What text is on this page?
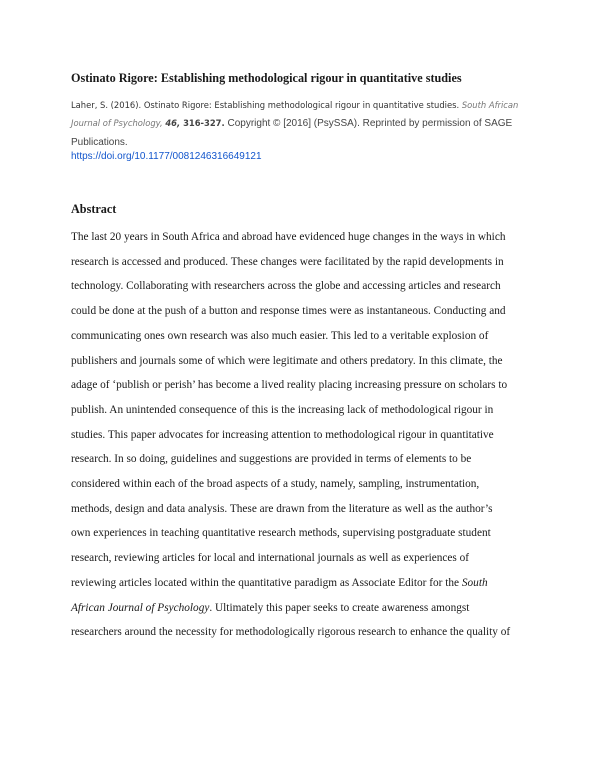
Ostinato Rigore: Establishing methodological rigour in quantitative studies
Laher, S. (2016). Ostinato Rigore: Establishing methodological rigour in quantitative studies. South African Journal of Psychology, 46, 316-327. Copyright © [2016] (PsySSA). Reprinted by permission of SAGE Publications.
https://doi.org/10.1177/0081246316649121
Abstract
The last 20 years in South Africa and abroad have evidenced huge changes in the ways in which
research is accessed and produced. These changes were facilitated by the rapid developments in
technology. Collaborating with researchers across the globe and accessing articles and research
could be done at the push of a button and response times were as instantaneous. Conducting and
communicating ones own research was also much easier. This led to a veritable explosion of
publishers and journals some of which were legitimate and others predatory. In this climate, the
adage of ‘publish or perish’ has become a lived reality placing increasing pressure on scholars to
publish. An unintended consequence of this is the increasing lack of methodological rigour in
studies. This paper advocates for increasing attention to methodological rigour in quantitative
research. In so doing, guidelines and suggestions are provided in terms of elements to be
considered within each of the broad aspects of a study, namely, sampling, instrumentation,
methods, design and data analysis. These are drawn from the literature as well as the author’s
own experiences in teaching quantitative research methods, supervising postgraduate student
research, reviewing articles for local and international journals as well as experiences of
reviewing articles located within the quantitative paradigm as Associate Editor for the South
African Journal of Psychology. Ultimately this paper seeks to create awareness amongst
researchers around the necessity for methodologically rigorous research to enhance the quality of
